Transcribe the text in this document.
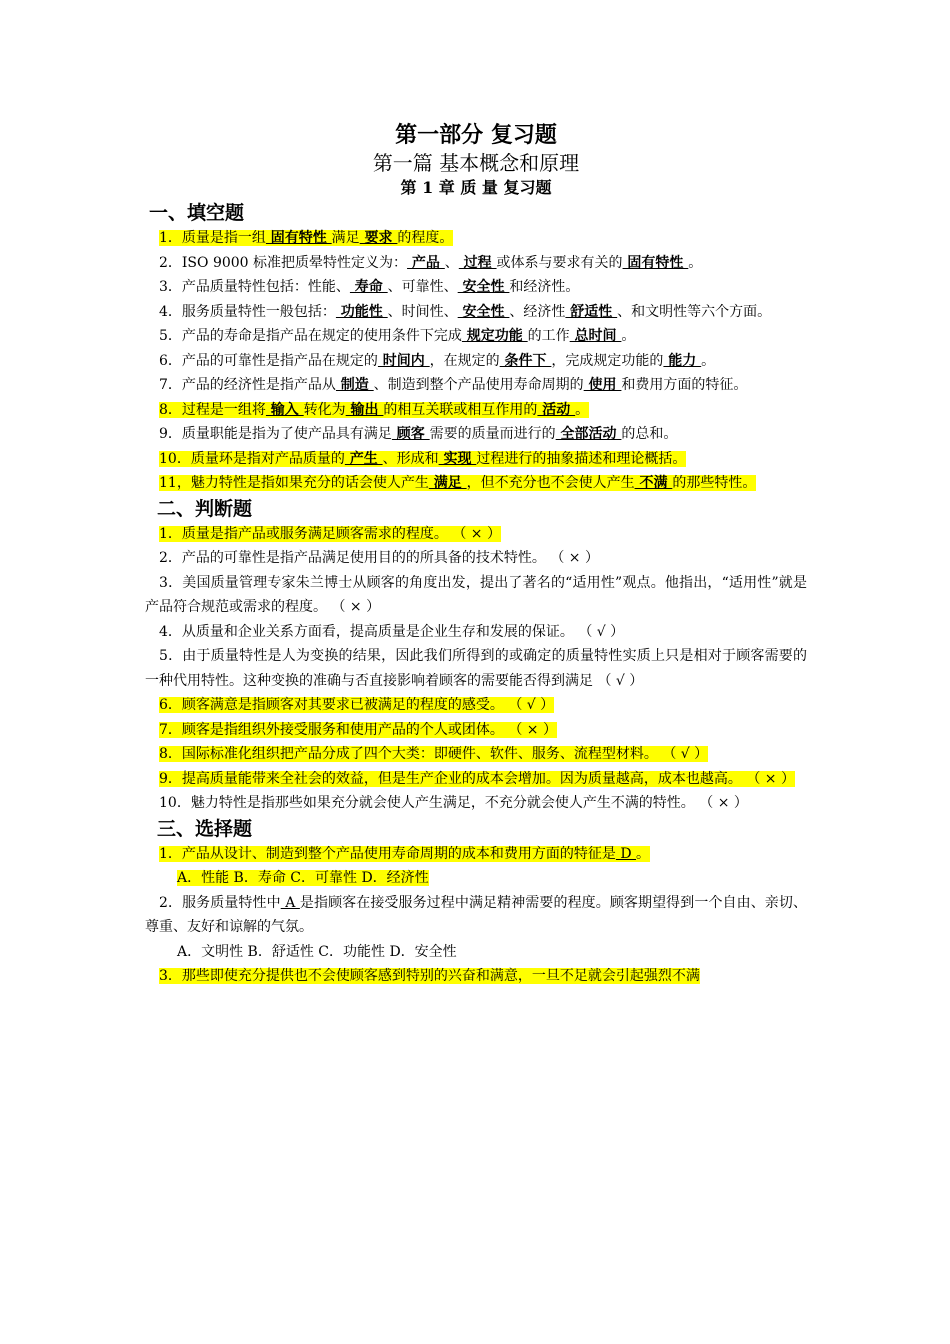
第一部分 复习题
第一篇 基本概念和原理
第 1 章 质 量 复习题
一、填空题

1．质量是指一组 固有特性 满足 要求 的程度。

2．ISO 9000 标准把质晕特性定义为： 产品 、 过程 或体系与要求有关的 固有特性 。

3．产品质量特性包括：性能、 寿命 、可靠性、 安全性 和经济性。

4．服务质量特性一般包括： 功能性 、时间性、 安全性 、经济性 舒适性 、和文明性等六个方面。

5．产品的寿命是指产品在规定的使用条件下完成 规定功能 的工作 总时间 。

6．产品的可靠性是指产品在规定的 时间内 ，在规定的 条件下 ，完成规定功能的 能力 。

7．产品的经济性是指产品从 制造 、制造到整个产品使用寿命周期的 使用 和费用方面的特征。

8．过程是一组将 输入 转化为 输出 的相互关联或相互作用的 活动 。

9．质量职能是指为了使产品具有满足 顾客 需要的质量而进行的 全部活动 的总和。

10．质量环是指对产品质量的 产生 、形成和 实现 过程进行的抽象描述和理论概括。

11，魅力特性是指如果充分的话会使人产生 满足 ，但不充分也不会使人产生 不满 的那些特性。

二、判断题

1．质量是指产品或服务满足顾客需求的程度。 （ × ）

2．产品的可靠性是指产品满足使用目的的所具备的技术特性。 （ × ）

3．美国质量管理专家朱兰博士从顾客的角度出发，提出了著名的“适用性”观点。他指出，“适用性”就是产品符合规范或需求的程度。 （ × ）

4．从质量和企业关系方面看，提高质量是企业生存和发展的保证。 （ √ ）

5．由于质量特性是人为变换的结果，因此我们所得到的或确定的质量特性实质上只是相对于顾客需要的一种代用特性。这种变换的准确与否直接影响着顾客的需要能否得到满足 （ √ ）

6．顾客满意是指顾客对其要求已被满足的程度的感受。 （ √ ）

7．顾客是指组织外接受服务和使用产品的个人或团体。 （ × ）

8．国际标准化组织把产品分成了四个大类：即硬件、软件、服务、流程型材料。 （ √ ）

9．提高质量能带来全社会的效益，但是生产企业的成本会增加。因为质量越高，成本也越高。 （ × ）

10．魅力特性是指那些如果充分就会使人产生满足，不充分就会使人产生不满的特性。 （ × ）

三、选择题

1．产品从设计、制造到整个产品使用寿命周期的成本和费用方面的特征是 D 。

A．性能 B．寿命 C．可靠性 D．经济性

2．服务质量特性中 A 是指顾客在接受服务过程中满足精神需要的程度。顾客期望得到一个自由、亲切、尊重、友好和谅解的气氛。

A．文明性 B．舒适性 C．功能性 D．安全性

3．那些即使充分提供也不会使顾客感到特别的兴奋和满意，一旦不足就会引起强烈不满
